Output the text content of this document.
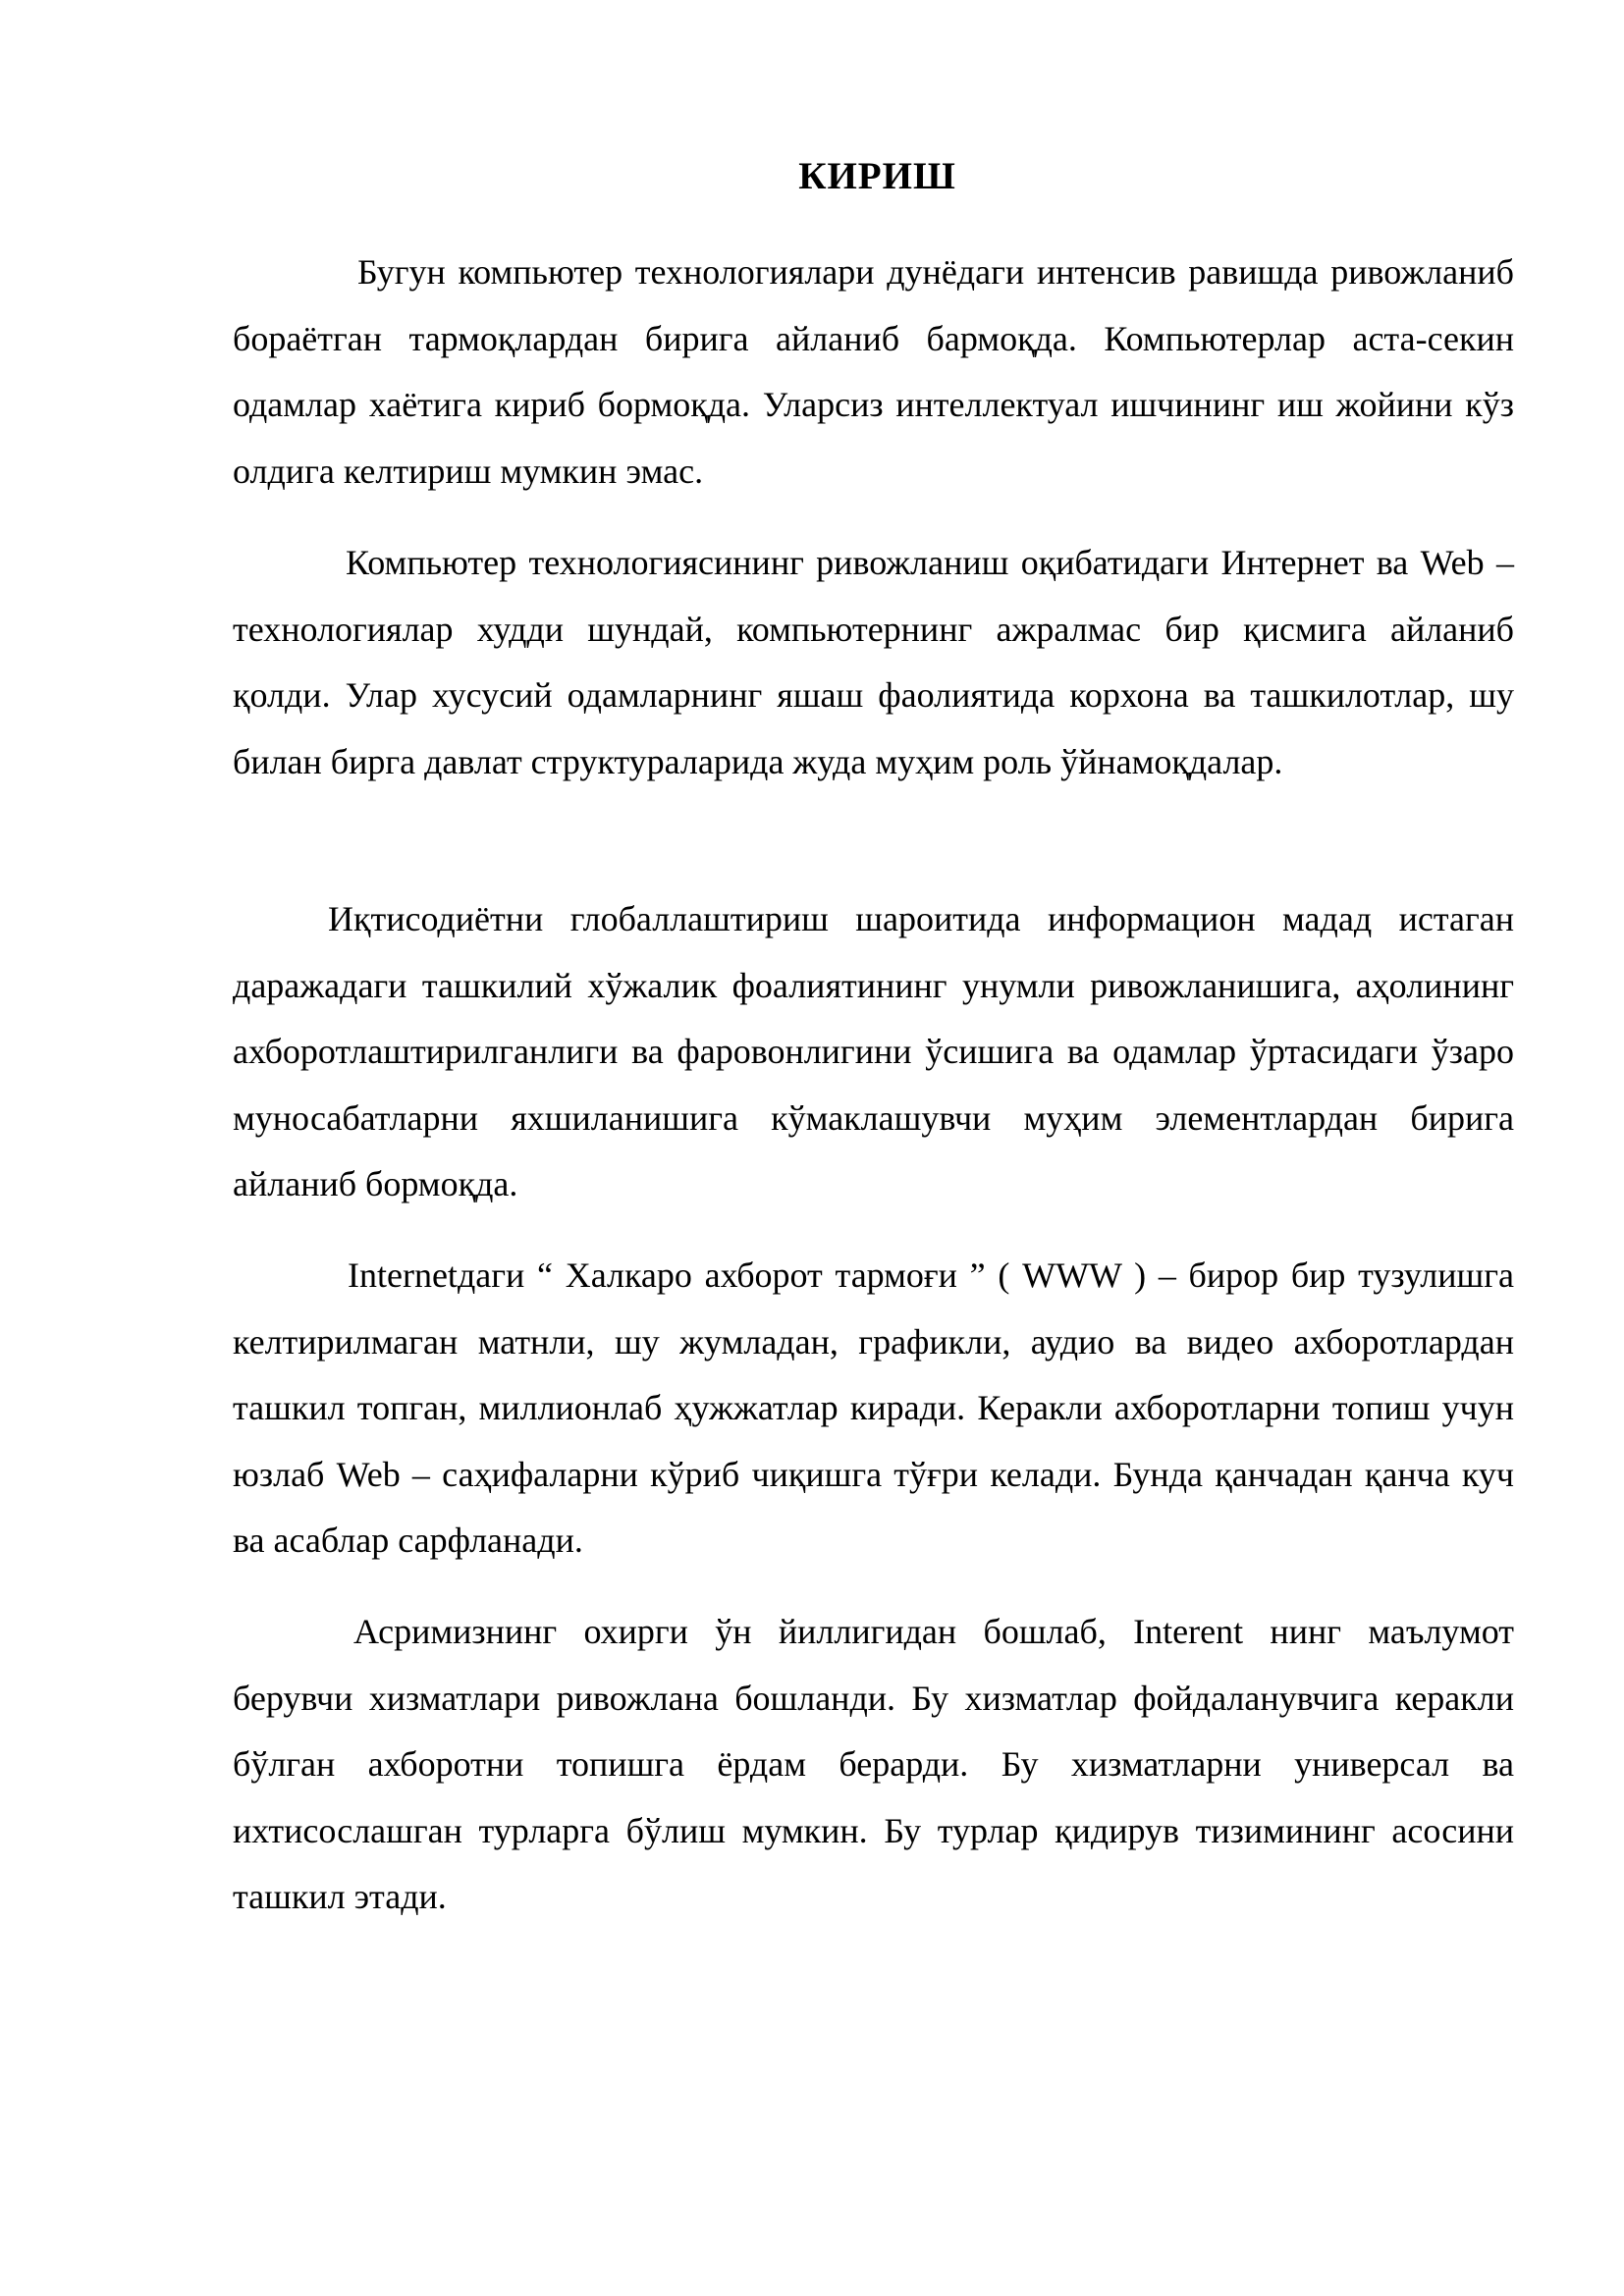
КИРИШ

Бугун компьютер технологиялари дунёдаги интенсив равишда ривожланиб бораётган тармоқлардан бирига айланиб бармоқда. Компьютерлар аста-секин одамлар хаётига кириб бормоқда. Уларсиз интеллектуал ишчининг иш жойини кўз олдига келтириш мумкин эмас.

Компьютер технологиясининг ривожланиш оқибатидаги Интернет ва Web – технологиялар худди шундай, компьютернинг ажралмас бир қисмига айланиб қолди. Улар хусусий одамларнинг яшаш фаолиятида корхона ва ташкилотлар, шу билан бирга давлат структураларида жуда муҳим роль ўйнамоқдалар.

Иқтисодиётни глобаллаштириш шароитида информацион мадад истаган даражадаги ташкилий хўжалик фоалиятининг унумли ривожланишига, аҳолининг ахборотлаштирилганлиги ва фаровонлигини ўсишига ва одамлар ўртасидаги ўзаро муносабатларни яхшиланишига кўмаклашувчи муҳим элементлардан бирига айланиб бормоқда.

Internetдаги “ Халкаро ахборот тармоғи ” ( WWW ) – бирор бир тузулишга келтирилмаган матнли, шу жумладан, графикли, аудио ва видео ахборотлардан ташкил топган, миллионлаб ҳужжатлар киради. Керакли ахборотларни топиш учун юзлаб Web – саҳифаларни кўриб чиқишга тўғри келади. Бунда қанчадан қанча куч ва асаблар сарфланади.

Асримизнинг охирги ўн йиллигидан бошлаб, Interent нинг маълумот берувчи хизматлари ривожлана бошланди. Бу хизматлар фойдаланувчига керакли бўлган ахборотни топишга ёрдам берарди. Бу хизматларни универсал ва ихтисослашган турларга бўлиш мумкин. Бу турлар қидирув тизимининг асосини ташкил этади.
